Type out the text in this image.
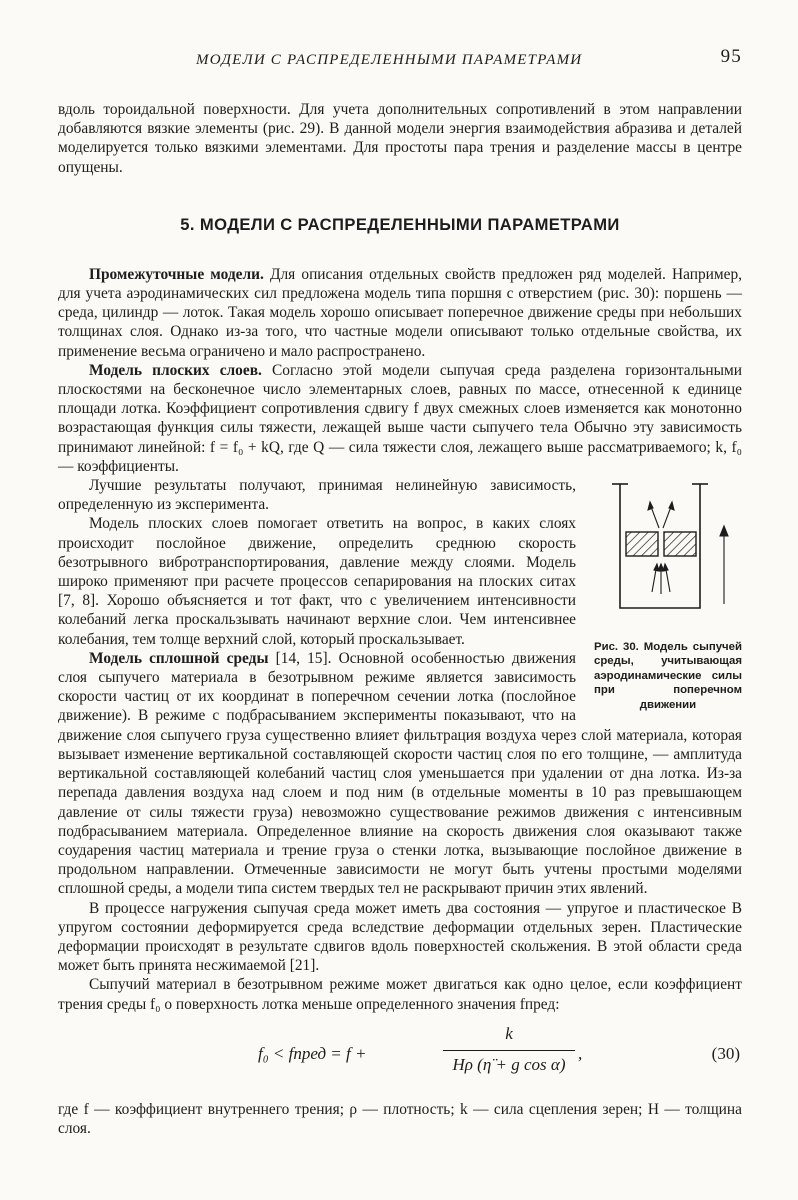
МОДЕЛИ С РАСПРЕДЕЛЕННЫМИ ПАРАМЕТРАМИ	95

вдоль тороидальной поверхности. Для учета дополнительных сопротивлений в этом направлении добавляются вязкие элементы (рис. 29). В данной модели энергия взаимодействия абразива и деталей моделируется только вязкими элементами. Для простоты пара трения и разделение массы в центре опущены.

5. МОДЕЛИ С РАСПРЕДЕЛЕННЫМИ ПАРАМЕТРАМИ

Промежуточные модели. Для описания отдельных свойств предложен ряд моделей. Например, для учета аэродинамических сил предложена модель типа поршня с отверстием (рис. 30): поршень — среда, цилиндр — лоток. Такая модель хорошо описывает поперечное движение среды при небольших толщинах слоя. Однако из-за того, что частные модели описывают только отдельные свойства, их применение весьма ограничено и мало распространено.

Модель плоских слоев. Согласно этой модели сыпучая среда разделена горизонтальными плоскостями на бесконечное число элементарных слоев, равных по массе, отнесенной к единице площади лотка. Коэффициент сопротивления сдвигу f двух смежных слоев изменяется как монотонно возрастающая функция силы тяжести, лежащей выше части сыпучего тела Обычно эту зависимость принимают линейной: f = f₀ + kQ, где Q — сила тяжести слоя, лежащего выше рассматриваемого; k, f₀ — коэффициенты.

Рис. 30. Модель сыпучей среды, учитывающая аэродинамические силы при поперечном движении

Лучшие результаты получают, принимая нелинейную зависимость, определенную из эксперимента.

Модель плоских слоев помогает ответить на вопрос, в каких слоях происходит послойное движение, определить среднюю скорость безотрывного вибротранспортирования, давление между слоями. Модель широко применяют при расчете процессов сепарирования на плоских ситах [7, 8]. Хорошо объясняется и тот факт, что с увеличением интенсивности колебаний легка проскальзывать начинают верхние слои. Чем интенсивнее колебания, тем толще верхний слой, который проскальзывает.

Модель сплошной среды [14, 15]. Основной особенностью движения слоя сыпучего материала в безотрывном режиме является зависимость скорости частиц от их координат в поперечном сечении лотка (послойное движение). В режиме с подбрасыванием эксперименты показывают, что на движение слоя сыпучего груза существенно влияет фильтрация воздуха через слой материала, которая вызывает изменение вертикальной составляющей скорости частиц слоя по его толщине, — амплитуда вертикальной составляющей колебаний частиц слоя уменьшается при удалении от дна лотка. Из-за перепада давления воздуха над слоем и под ним (в отдельные моменты в 10 раз превышающем давление от силы тяжести груза) невозможно существование режимов движения с интенсивным подбрасыванием материала. Определенное влияние на скорость движения слоя оказывают также соударения частиц материала и трение груза о стенки лотка, вызывающие послойное движение в продольном направлении. Отмеченные зависимости не могут быть учтены простыми моделями сплошной среды, а модели типа систем твердых тел не раскрывают причин этих явлений.

В процессе нагружения сыпучая среда может иметь два состояния — упругое и пластическое В упругом состоянии деформируется среда вследствие деформации отдельных зерен. Пластические деформации происходят в результате сдвигов вдоль поверхностей скольжения. В этой области среда может быть принята несжимаемой [21].

Сыпучий материал в безотрывном режиме может двигаться как одно целое, если коэффициент трения среды f₀ о поверхность лотка меньше определенного значения fпред:

f₀ < fпред = f +
k
Hρ (η̈ + g cos α)
,	(30)

где f — коэффициент внутреннего трения; ρ — плотность; k — сила сцепления зерен; H — толщина слоя.
